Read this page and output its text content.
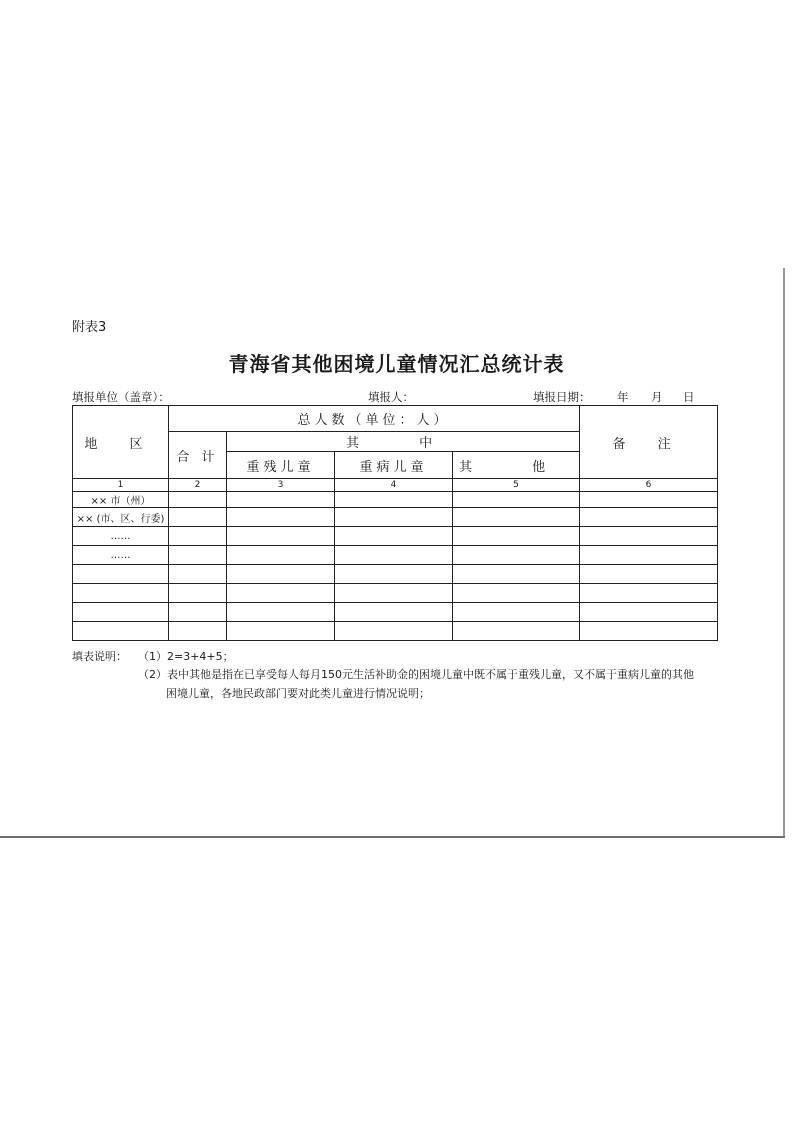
附表3
青海省其他困境儿童情况汇总统计表
填报单位（盖章）：	填报人：	填报日期： 年 月 日
地 区	总人数（单位：人）				备 注
	合 计	其 中			
		重残儿童	重病儿童	其 他	
1	2	3	4	5	6
×× 市（州）					
×× (市、区、行委)					
……					
……					

填表说明： （1）2=3+4+5；
（2）表中其他是指在已享受每人每月150元生活补助金的困境儿童中既不属于重残儿童，又不属于重病儿童的其他
困境儿童，各地民政部门要对此类儿童进行情况说明；
